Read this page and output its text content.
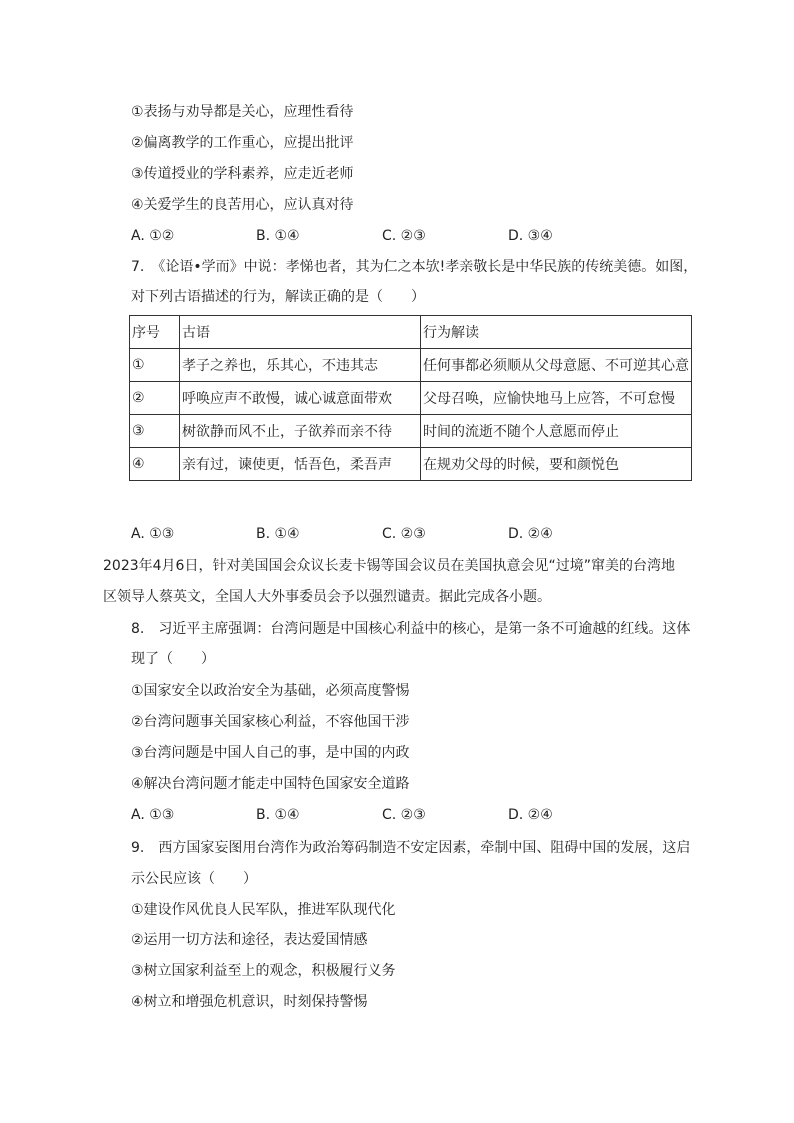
①表扬与劝导都是关心，应理性看待
②偏离教学的工作重心，应提出批评
③传道授业的学科素养，应走近老师
④关爱学生的良苦用心，应认真对待
A. ①②	B. ①④	C. ②③	D. ③④
7.　《论语•学而》中说：孝悌也者，其为仁之本欤!孝亲敬长是中华民族的传统美德。如图，
对下列古语描述的行为，解读正确的是（　　）
序号	古语	行为解读
①	孝子之养也，乐其心，不违其志	任何事都必须顺从父母意愿、不可逆其心意
②	呼唤应声不敢慢，诚心诚意面带欢	父母召唤，应愉快地马上应答，不可怠慢
③	树欲静而风不止，子欲养而亲不待	时间的流逝不随个人意愿而停止
④	亲有过，谏使更，恬吾色，柔吾声	在规劝父母的时候，要和颜悦色
A. ①③	B. ①④	C. ②③	D. ②④
2023年4月6日，针对美国国会众议长麦卡锡等国会议员在美国执意会见“过境”窜美的台湾地
区领导人蔡英文，全国人大外事委员会予以强烈谴责。据此完成各小题。
8.　习近平主席强调：台湾问题是中国核心利益中的核心，是第一条不可逾越的红线。这体
现了（　　）
①国家安全以政治安全为基础，必须高度警惕
②台湾问题事关国家核心利益，不容他国干涉
③台湾问题是中国人自己的事，是中国的内政
④解决台湾问题才能走中国特色国家安全道路
A. ①③	B. ①④	C. ②③	D. ②④
9.　西方国家妄图用台湾作为政治筹码制造不安定因素，牵制中国、阻碍中国的发展，这启
示公民应该（　　）
①建设作风优良人民军队，推进军队现代化
②运用一切方法和途径，表达爱国情感
③树立国家利益至上的观念，积极履行义务
④树立和增强危机意识，时刻保持警惕
